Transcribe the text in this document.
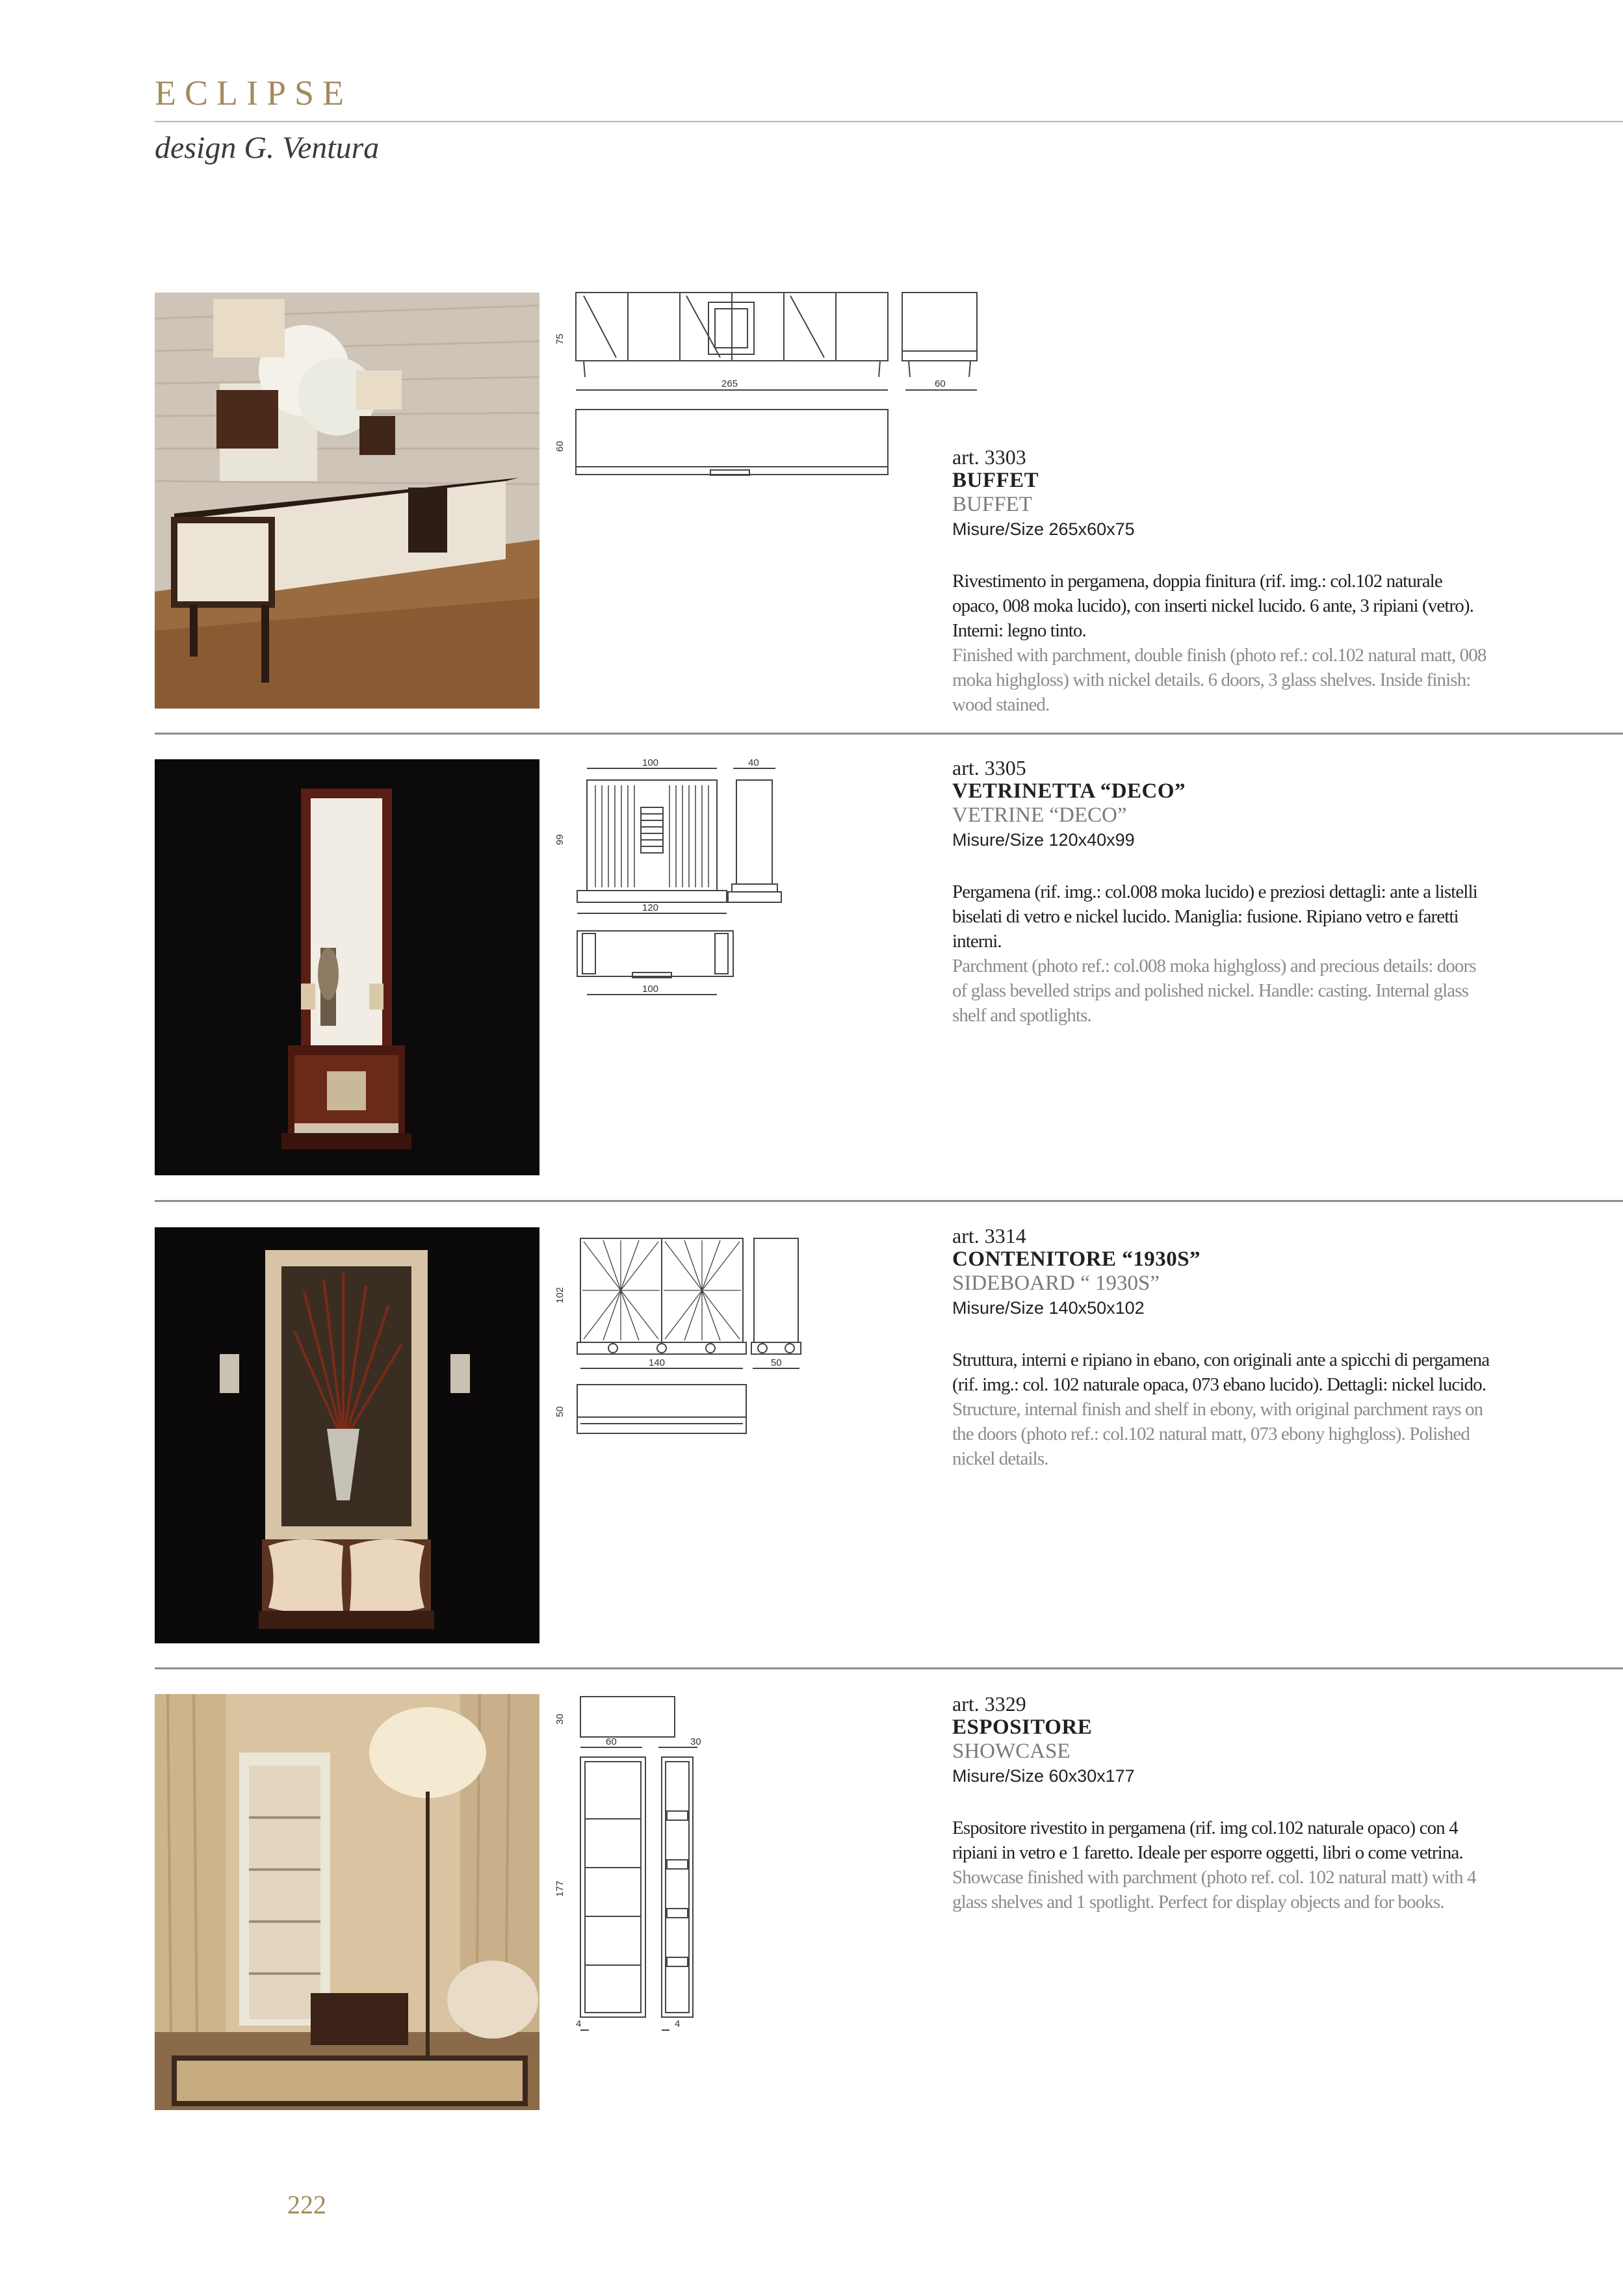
ECLIPSE
design G. Ventura
75
265	60
60	art. 3303
BUFFET
BUFFET
Misure/Size 265x60x75
Rivestimento in pergamena, doppia finitura (rif. img.: col.102 naturale opaco, 008 moka lucido), con inserti nickel lucido. 6 ante, 3 ripiani (vetro). Interni: legno tinto.
Finished with parchment, double finish (photo ref.: col.102 natural matt, 008 moka highgloss) with nickel details. 6 doors, 3 glass shelves. Inside finish: wood stained.
100	40
99
120
100
art. 3305
VETRINETTA “DECO”
VETRINE “DECO”
Misure/Size 120x40x99
Pergamena (rif. img.: col.008 moka lucido) e preziosi dettagli: ante a listelli biselati di vetro e nickel lucido. Maniglia: fusione. Ripiano vetro e faretti interni.
Parchment (photo ref.: col.008 moka highgloss) and precious details: doors of glass bevelled strips and polished nickel. Handle: casting. Internal glass shelf and spotlights.
102
140	50
50
art. 3314
CONTENITORE “1930S”
SIDEBOARD “ 1930S”
Misure/Size 140x50x102
Struttura, interni e ripiano in ebano, con originali ante a spicchi di pergamena (rif. img.: col. 102 naturale opaca, 073 ebano lucido). Dettagli: nickel lucido.
Structure, internal finish and shelf in ebony, with original parchment rays on the doors (photo ref.: col.102 natural matt, 073 ebony highgloss). Polished nickel details.
30
60	30
177
4	4
art. 3329
ESPOSITORE
SHOWCASE
Misure/Size 60x30x177
Espositore rivestito in pergamena (rif. img col.102 naturale opaco) con 4 ripiani in vetro e 1 faretto. Ideale per esporre oggetti, libri o come vetrina.
Showcase finished with parchment (photo ref. col. 102 natural matt) with 4 glass shelves and 1 spotlight. Perfect for display objects and for books.
222
